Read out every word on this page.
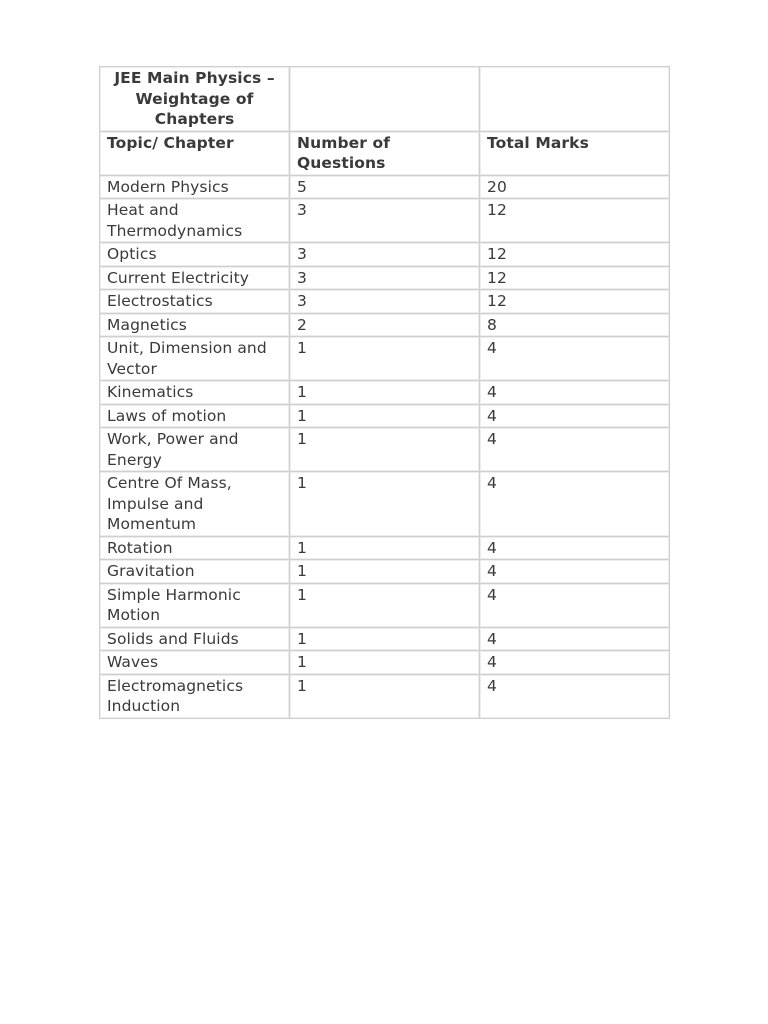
JEE Main Physics – Weightage of Chapters		
Topic/ Chapter	Number of Questions	Total Marks
Modern Physics	5	20
Heat and Thermodynamics	3	12
Optics	3	12
Current Electricity	3	12
Electrostatics	3	12
Magnetics	2	8
Unit, Dimension and Vector	1	4
Kinematics	1	4
Laws of motion	1	4
Work, Power and Energy	1	4
Centre Of Mass, Impulse and Momentum	1	4
Rotation	1	4
Gravitation	1	4
Simple Harmonic Motion	1	4
Solids and Fluids	1	4
Waves	1	4
Electromagnetics Induction	1	4
